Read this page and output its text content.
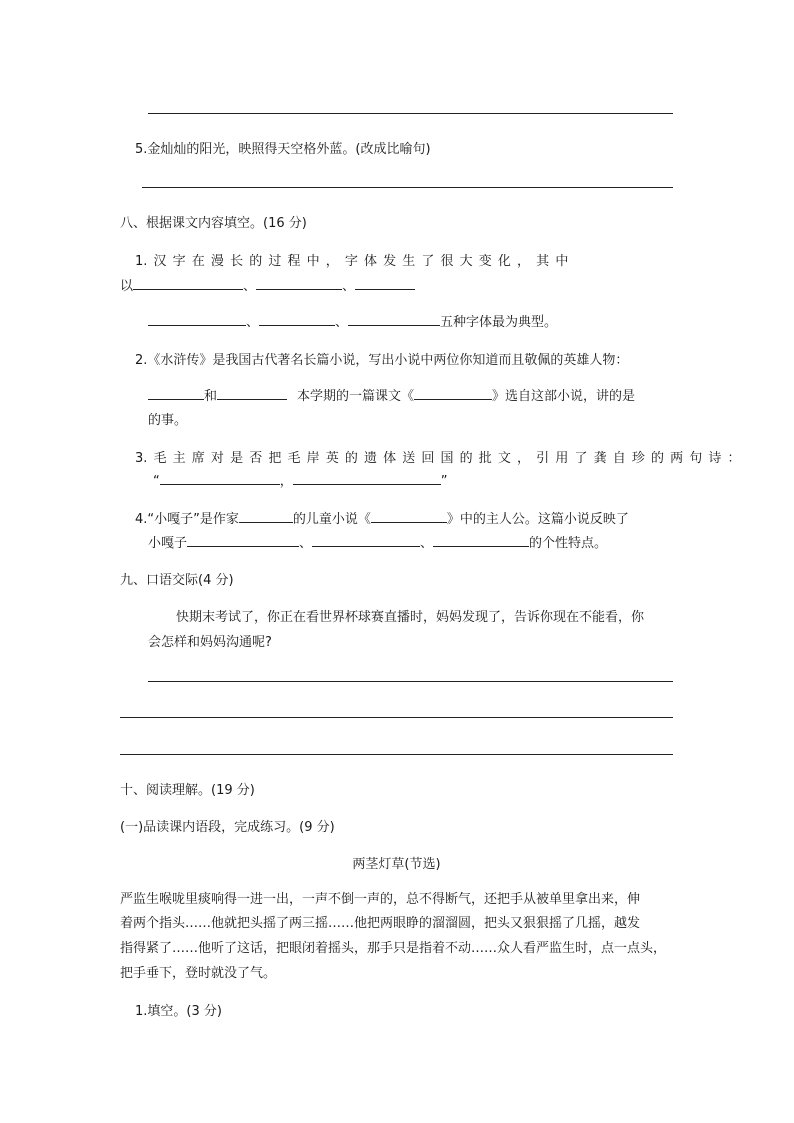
5.金灿灿的阳光，映照得天空格外蓝。(改成比喻句)
八、根据课文内容填空。(16 分)
1. 汉 字 在 漫 长 的 过 程 中 ， 字 体 发 生 了 很 大 变 化 ， 其 中
以	、	、
、	、	五种字体最为典型。
2.《水浒传》是我国古代著名长篇小说，写出小说中两位你知道而且敬佩的英雄人物：
和	本学期的一篇课文《	》选自这部小说，讲的是
的事。
3. 毛 主 席 对 是 否 把 毛 岸 英 的 遗 体 送 回 国 的 批 文 ， 引 用 了 龚 自 珍 的 两 句 诗 ：
“	，	”
4.“小嘎子”是作家	的儿童小说《	》中的主人公。这篇小说反映了
小嘎子	、	、	的个性特点。
九、口语交际(4 分)
快期末考试了，你正在看世界杯球赛直播时，妈妈发现了，告诉你现在不能看，你
会怎样和妈妈沟通呢?
十、阅读理解。(19 分)
(一)品读课内语段，完成练习。(9 分)
两茎灯草(节选)
严监生喉咙里痰响得一进一出，一声不倒一声的，总不得断气，还把手从被单里拿出来，伸
着两个指头……他就把头摇了两三摇……他把两眼睁的溜溜圆，把头又狠狠摇了几摇，越发
指得紧了……他听了这话，把眼闭着摇头，那手只是指着不动……众人看严监生时，点一点头，
把手垂下，登时就没了气。
1.填空。(3 分)
